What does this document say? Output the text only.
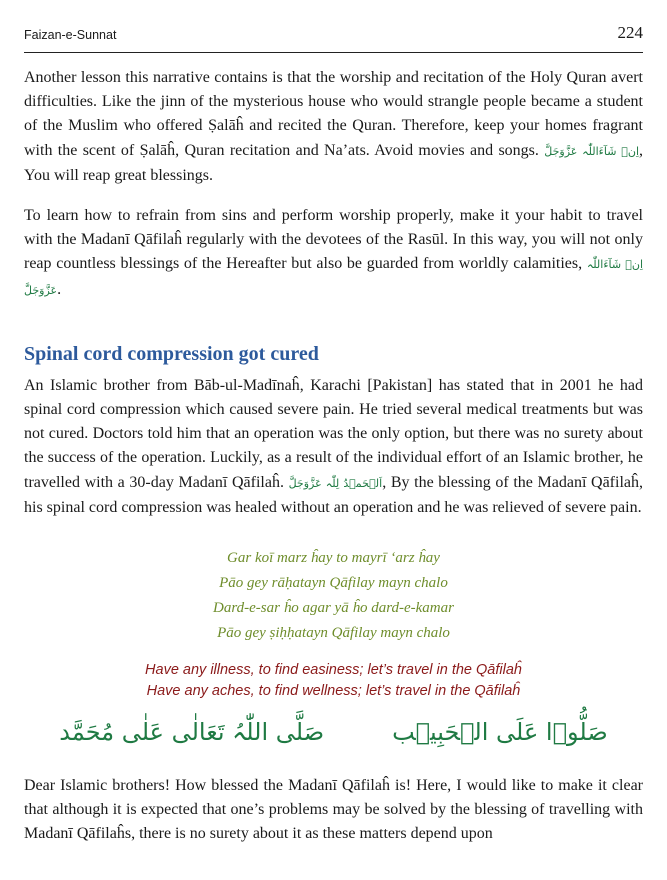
Faizan-e-Sunnat	224

Another lesson this narrative contains is that the worship and recitation of the Holy Quran avert difficulties. Like the jinn of the mysterious house who would strangle people became a student of the Muslim who offered Ṣalāĥ and recited the Quran. Therefore, keep your homes fragrant with the scent of Ṣalāĥ, Quran recitation and Na’ats. Avoid movies and songs. اِنۡ شَآءَاللّٰہ عَزَّوَجَلَّ, You will reap great blessings.

To learn how to refrain from sins and perform worship properly, make it your habit to travel with the Madanī Qāfilaĥ regularly with the devotees of the Rasūl. In this way, you will not only reap countless blessings of the Hereafter but also be guarded from worldly calamities, اِنۡ شَآءَاللّٰہ عَزَّوَجَلَّ.

Spinal cord compression got cured

An Islamic brother from Bāb-ul-Madīnaĥ, Karachi [Pakistan] has stated that in 2001 he had spinal cord compression which caused severe pain. He tried several medical treatments but was not cured. Doctors told him that an operation was the only option, but there was no surety about the success of the operation. Luckily, as a result of the individual effort of an Islamic brother, he travelled with a 30-day Madanī Qāfilaĥ. اَلۡحَمۡدُ لِلّٰہ عَزَّوَجَلَّ, By the blessing of the Madanī Qāfilaĥ, his spinal cord compression was healed without an operation and he was relieved of severe pain.

Gar koī marz ĥay to mayrī ‘arz ĥay
Pāo gey rāḥatayn Qāfilay mayn chalo
Dard-e-sar ĥo agar yā ĥo dard-e-kamar
Pāo gey ṣiḥḥatayn Qāfilay mayn chalo
Have any illness, to find easiness; let’s travel in the Qāfilaĥ
Have any aches, to find wellness; let’s travel in the Qāfilaĥ
صَلَّی اللّٰہُ تَعَالٰی عَلٰی مُحَمَّد	صَلُّوۡا عَلَی الۡحَبِیۡب

Dear Islamic brothers! How blessed the Madanī Qāfilaĥ is! Here, I would like to make it clear that although it is expected that one’s problems may be solved by the blessing of travelling with Madanī Qāfilaĥs, there is no surety about it as these matters depend upon
